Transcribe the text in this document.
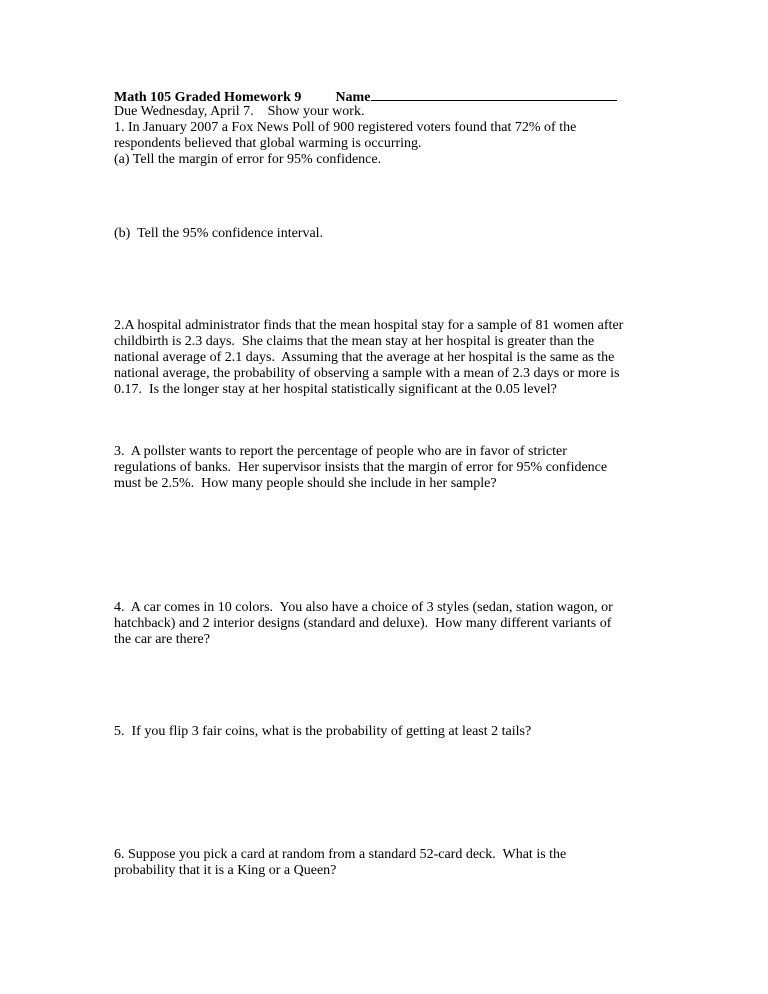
Math 105 Graded Homework 9 Name
Due Wednesday, April 7.    Show your work.
1. In January 2007 a Fox News Poll of 900 registered voters found that 72% of the
respondents believed that global warming is occurring.
(a) Tell the margin of error for 95% confidence.
(b)  Tell the 95% confidence interval.
2.A hospital administrator finds that the mean hospital stay for a sample of 81 women after
childbirth is 2.3 days.  She claims that the mean stay at her hospital is greater than the
national average of 2.1 days.  Assuming that the average at her hospital is the same as the
national average, the probability of observing a sample with a mean of 2.3 days or more is
0.17.  Is the longer stay at her hospital statistically significant at the 0.05 level?
3.  A pollster wants to report the percentage of people who are in favor of stricter
regulations of banks.  Her supervisor insists that the margin of error for 95% confidence
must be 2.5%.  How many people should she include in her sample?
4.  A car comes in 10 colors.  You also have a choice of 3 styles (sedan, station wagon, or
hatchback) and 2 interior designs (standard and deluxe).  How many different variants of
the car are there?
5.  If you flip 3 fair coins, what is the probability of getting at least 2 tails?
6. Suppose you pick a card at random from a standard 52-card deck.  What is the
probability that it is a King or a Queen?
